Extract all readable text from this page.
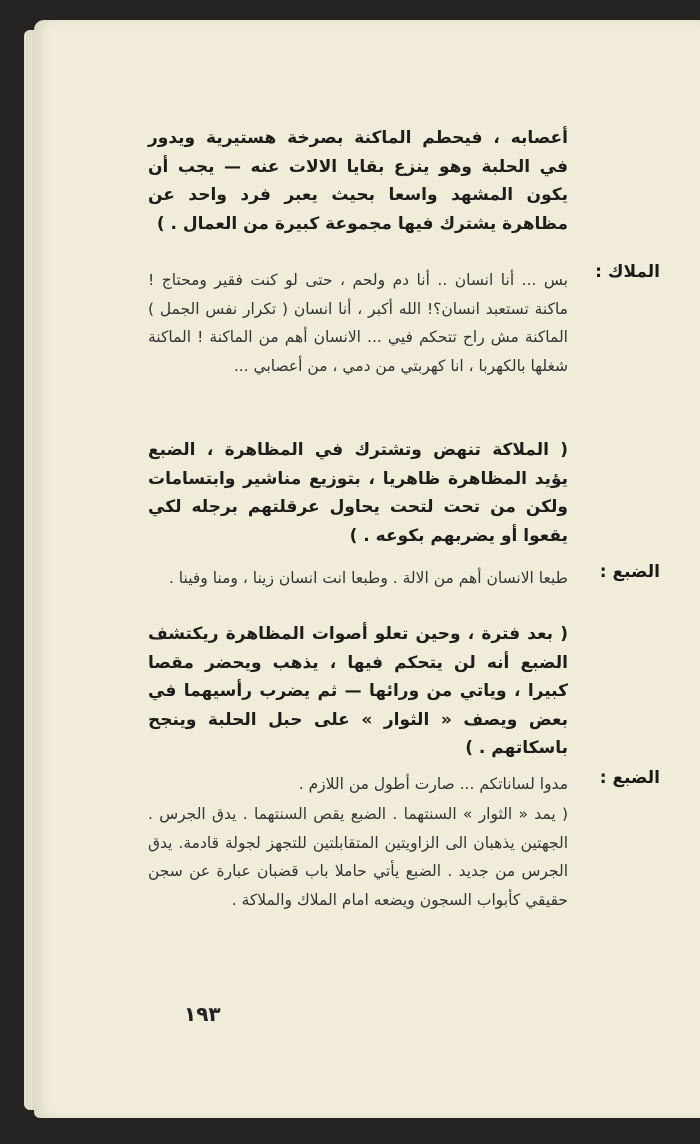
أعصابه ، فيحطم الماكنة بصرخة هستيرية ويدور في الحلبة وهو ينزع بقايا الالات عنه — يجب أن يكون المشهد واسعا بحيث يعبر فرد واحد عن مظاهرة يشترك فيها مجموعة كبيرة من العمال . )

الملاك :

بس ... أنا انسان .. أنا دم ولحم ، حتى لو كنت فقير ومحتاج ! ماكنة تستعبد انسان؟! الله أكبر ، أنا انسان ( تكرار نفس الجمل ) الماكنة مش راح تتحكم فيي ... الانسان أهم من الماكنة ! الماكنة شغلها بالكهربا ، انا كهربتي من دمي ، من أعصابي ...

( الملاكة تنهض وتشترك في المظاهرة ، الضبع يؤيد المظاهرة ظاهريا ، بتوزيع مناشير وابتسامات ولكن من تحت لتحت يحاول عرقلتهم برجله لكي يقعوا أو يضربهم بكوعه . )

الضبع :

طبعا الانسان أهم من الالة . وطبعا انت انسان زينا ، ومنا وفينا .

( بعد فترة ، وحين تعلو أصوات المظاهرة ريكتشف الضبع أنه لن يتحكم فيها ، يذهب ويحضر مقصا كبيرا ، وياتي من ورائها — ثم يضرب رأسيهما في بعض ويصف « الثوار » على حبل الحلبة وينجح باسكاتهم . )

الضبع :

مدوا لساناتكم ... صارت أطول من اللازم .

( يمد « الثوار » السنتهما . الضبع يقص السنتهما . يدق الجرس . الجهتين يذهبان الى الزاويتين المتقابلتين للتجهز لجولة قادمة. يدق الجرس من جديد . الضبع يأتي حاملا باب قضبان عبارة عن سجن حقيقي كأبواب السجون ويضعه امام الملاك والملاكة .

١٩٣
